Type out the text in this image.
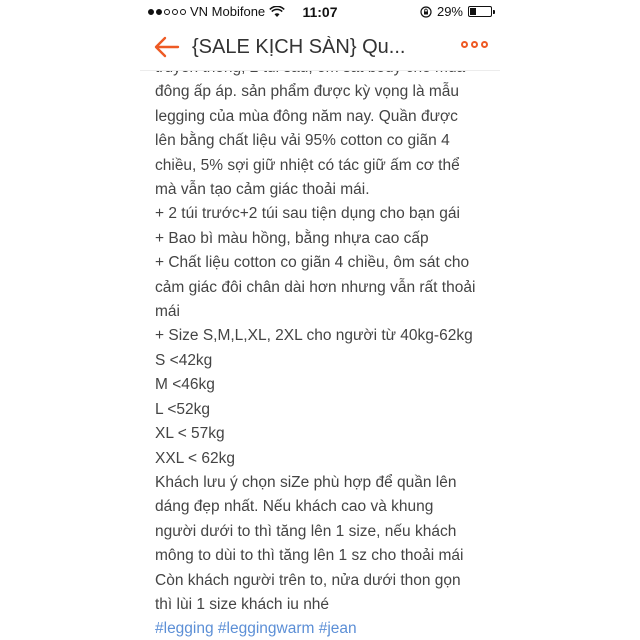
VN Mobifone	11:07	29%
{SALE KỊCH SÀN} Qu...

đông ấp áp. sản phẩm được kỳ vọng là mẫu

legging của mùa đông năm nay. Quần được

lên bằng chất liệu vải 95% cotton co giãn 4

chiều, 5% sợi giữ nhiệt có tác giữ ấm cơ thể

mà vẫn tạo cảm giác thoải mái.

+ 2 túi trước+2 túi sau tiện dụng cho bạn gái

+ Bao bì màu hồng, bằng nhựa cao cấp

+ Chất liệu cotton co giãn 4 chiều, ôm sát cho

cảm giác đôi chân dài hơn nhưng vẫn rất thoải

mái

+ Size S,M,L,XL, 2XL cho người từ 40kg-62kg

S <42kg

M <46kg

L <52kg

XL < 57kg

XXL < 62kg

Khách lưu ý chọn siZe phù hợp để quần lên

dáng đẹp nhất. Nếu khách cao và khung

người dưới to thì tăng lên 1 size, nếu khách

mông to dùi to thì tăng lên 1 sz cho thoải mái

Còn khách người trên to, nửa dưới thon gọn

thì lùi 1 size khách iu nhé

#legging #leggingwarm #jean
